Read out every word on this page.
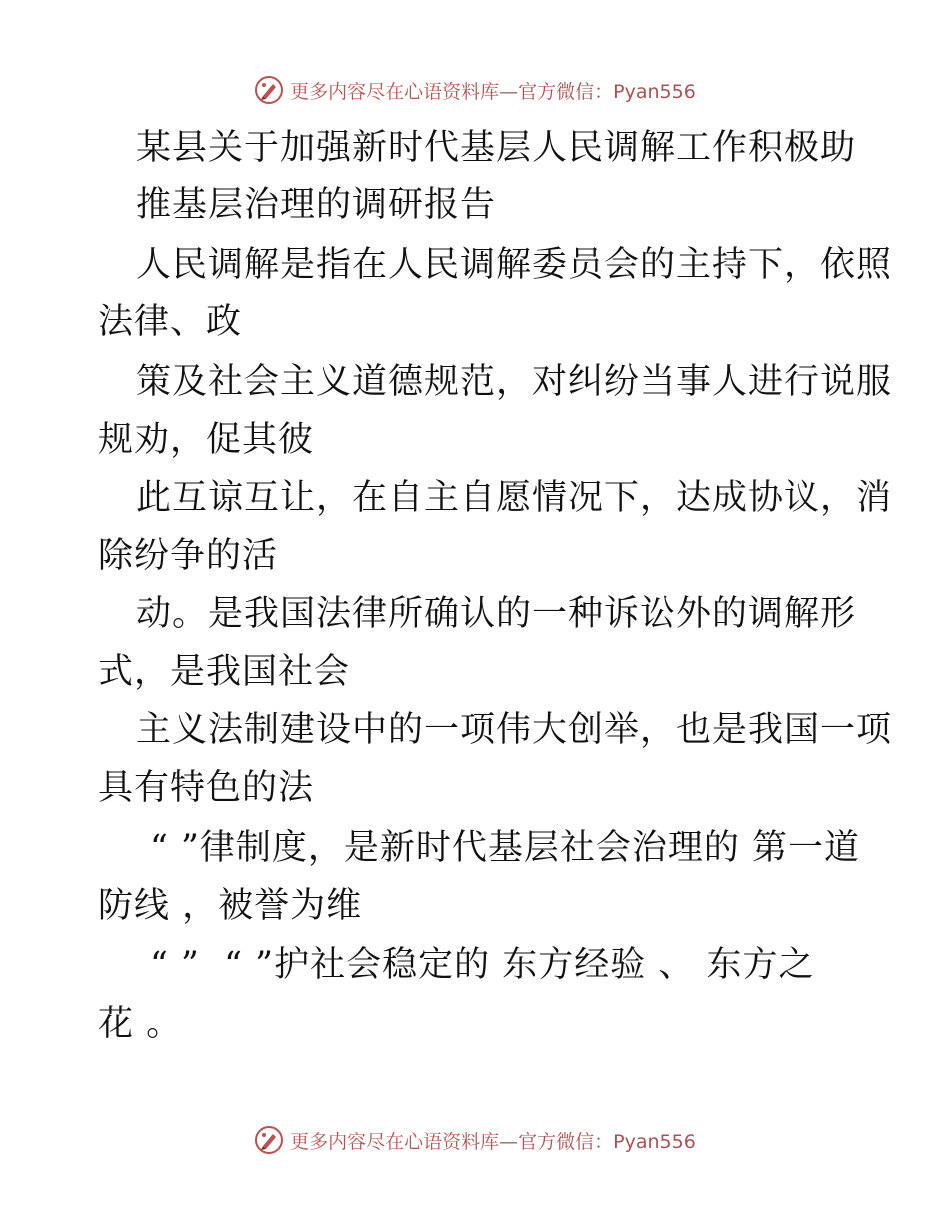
更多内容尽在心语资料库—官方微信：Pyan556
某县关于加强新时代基层人民调解工作积极助
推基层治理的调研报告
人民调解是指在人民调解委员会的主持下，依照
法律、政
策及社会主义道德规范，对纠纷当事人进行说服
规劝，促其彼
此互谅互让，在自主自愿情况下，达成协议，消
除纷争的活
动。是我国法律所确认的一种诉讼外的调解形
式，是我国社会
主义法制建设中的一项伟大创举，也是我国一项
具有特色的法
“ ”律制度，是新时代基层社会治理的 第一道
防线 ，被誉为维
“ ”  “ ”护社会稳定的 东方经验 、 东方之
花 。
更多内容尽在心语资料库—官方微信：Pyan556
